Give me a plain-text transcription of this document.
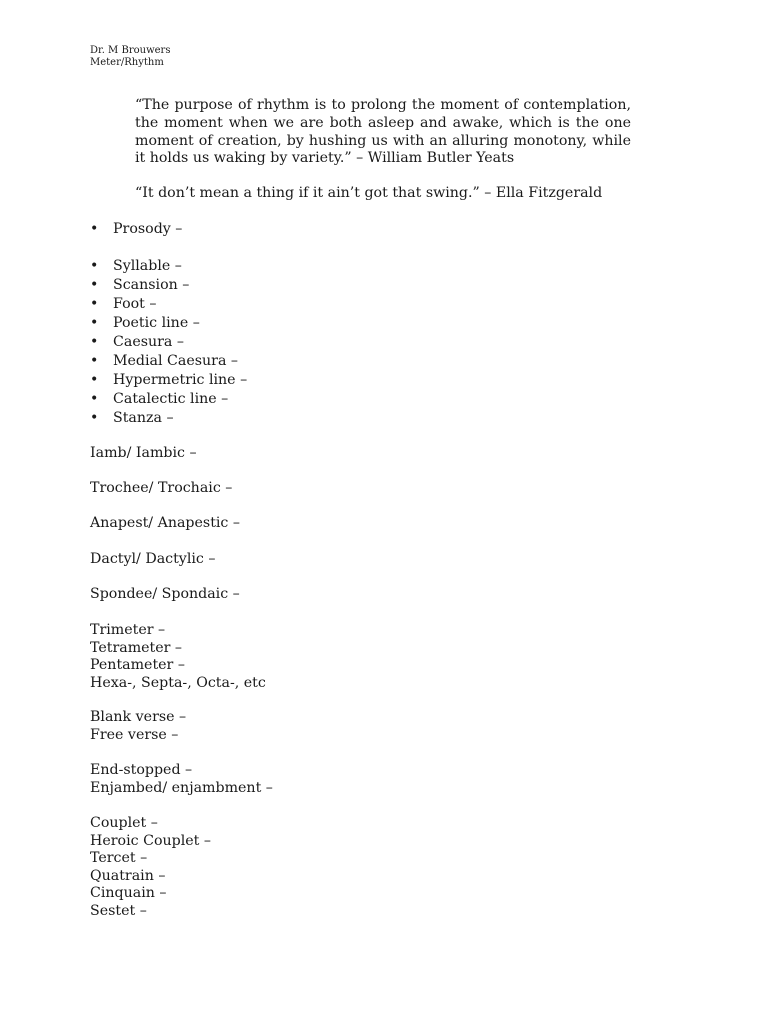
Dr. M Brouwers
Meter/Rhythm

“The purpose of rhythm is to prolong the moment of contemplation, the moment when we are both asleep and awake, which is the one moment of creation, by hushing us with an alluring monotony, while it holds us waking by variety.” – William Butler Yeats

“It don’t mean a thing if it ain’t got that swing.” – Ella Fitzgerald

• Prosody –
• Syllable –
• Scansion –
• Foot –
• Poetic line –
• Caesura –
• Medial Caesura –
• Hypermetric line –
• Catalectic line –
• Stanza –
Iamb/ Iambic –
Trochee/ Trochaic –
Anapest/ Anapestic –
Dactyl/ Dactylic –
Spondee/ Spondaic –
Trimeter –
Tetrameter –
Pentameter –
Hexa-, Septa-, Octa-, etc
Blank verse –
Free verse –
End-stopped –
Enjambed/ enjambment –
Couplet –
Heroic Couplet –
Tercet –
Quatrain –
Cinquain –
Sestet –
